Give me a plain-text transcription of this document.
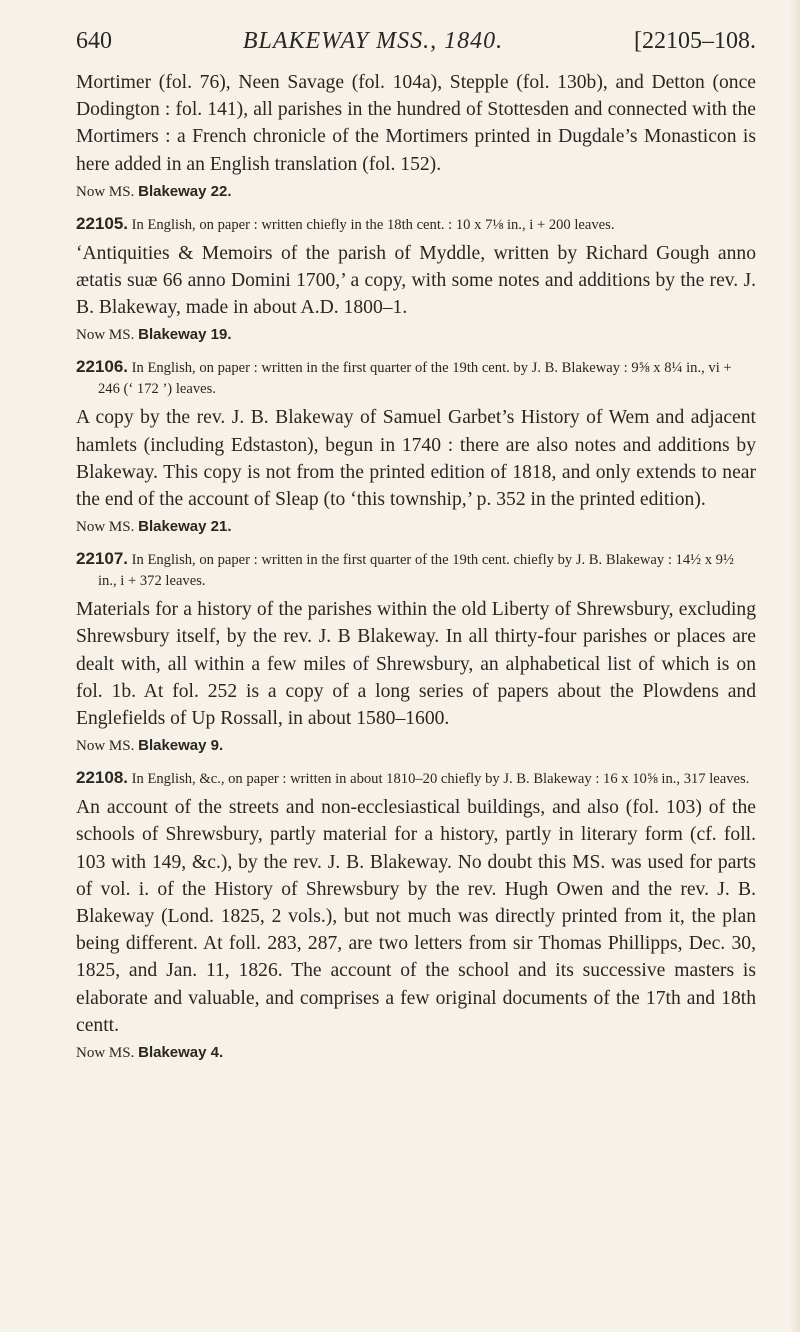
640	BLAKEWAY MSS., 1840.	[22105–108.

Mortimer (fol. 76), Neen Savage (fol. 104a), Stepple (fol. 130b), and Detton (once Dodington : fol. 141), all parishes in the hundred of Stottesden and connected with the Mortimers : a French chronicle of the Mortimers printed in Dugdale’s Monasticon is here added in an English translation (fol. 152).

Now MS. Blakeway 22.

22105. In English, on paper : written chiefly in the 18th cent. : 10 x 7⅛ in., i + 200 leaves.

‘Antiquities & Memoirs of the parish of Myddle, written by Richard Gough anno ætatis suæ 66 anno Domini 1700,’ a copy, with some notes and additions by the rev. J. B. Blakeway, made in about A.D. 1800–1.

Now MS. Blakeway 19.

22106. In English, on paper : written in the first quarter of the 19th cent. by J. B. Blakeway : 9⅝ x 8¼ in., vi + 246 (‘ 172 ’) leaves.

A copy by the rev. J. B. Blakeway of Samuel Garbet’s History of Wem and adjacent hamlets (including Edstaston), begun in 1740 : there are also notes and additions by Blakeway. This copy is not from the printed edition of 1818, and only extends to near the end of the account of Sleap (to ‘this township,’ p. 352 in the printed edition).

Now MS. Blakeway 21.

22107. In English, on paper : written in the first quarter of the 19th cent. chiefly by J. B. Blakeway : 14½ x 9½ in., i + 372 leaves.

Materials for a history of the parishes within the old Liberty of Shrewsbury, excluding Shrewsbury itself, by the rev. J. B Blakeway. In all thirty-four parishes or places are dealt with, all within a few miles of Shrewsbury, an alphabetical list of which is on fol. 1b. At fol. 252 is a copy of a long series of papers about the Plowdens and Englefields of Up Rossall, in about 1580–1600.

Now MS. Blakeway 9.

22108. In English, &c., on paper : written in about 1810–20 chiefly by J. B. Blakeway : 16 x 10⅝ in., 317 leaves.

An account of the streets and non-ecclesiastical buildings, and also (fol. 103) of the schools of Shrewsbury, partly material for a history, partly in literary form (cf. foll. 103 with 149, &c.), by the rev. J. B. Blakeway. No doubt this MS. was used for parts of vol. i. of the History of Shrewsbury by the rev. Hugh Owen and the rev. J. B. Blakeway (Lond. 1825, 2 vols.), but not much was directly printed from it, the plan being different. At foll. 283, 287, are two letters from sir Thomas Phillipps, Dec. 30, 1825, and Jan. 11, 1826. The account of the school and its successive masters is elaborate and valuable, and comprises a few original documents of the 17th and 18th centt.

Now MS. Blakeway 4.
